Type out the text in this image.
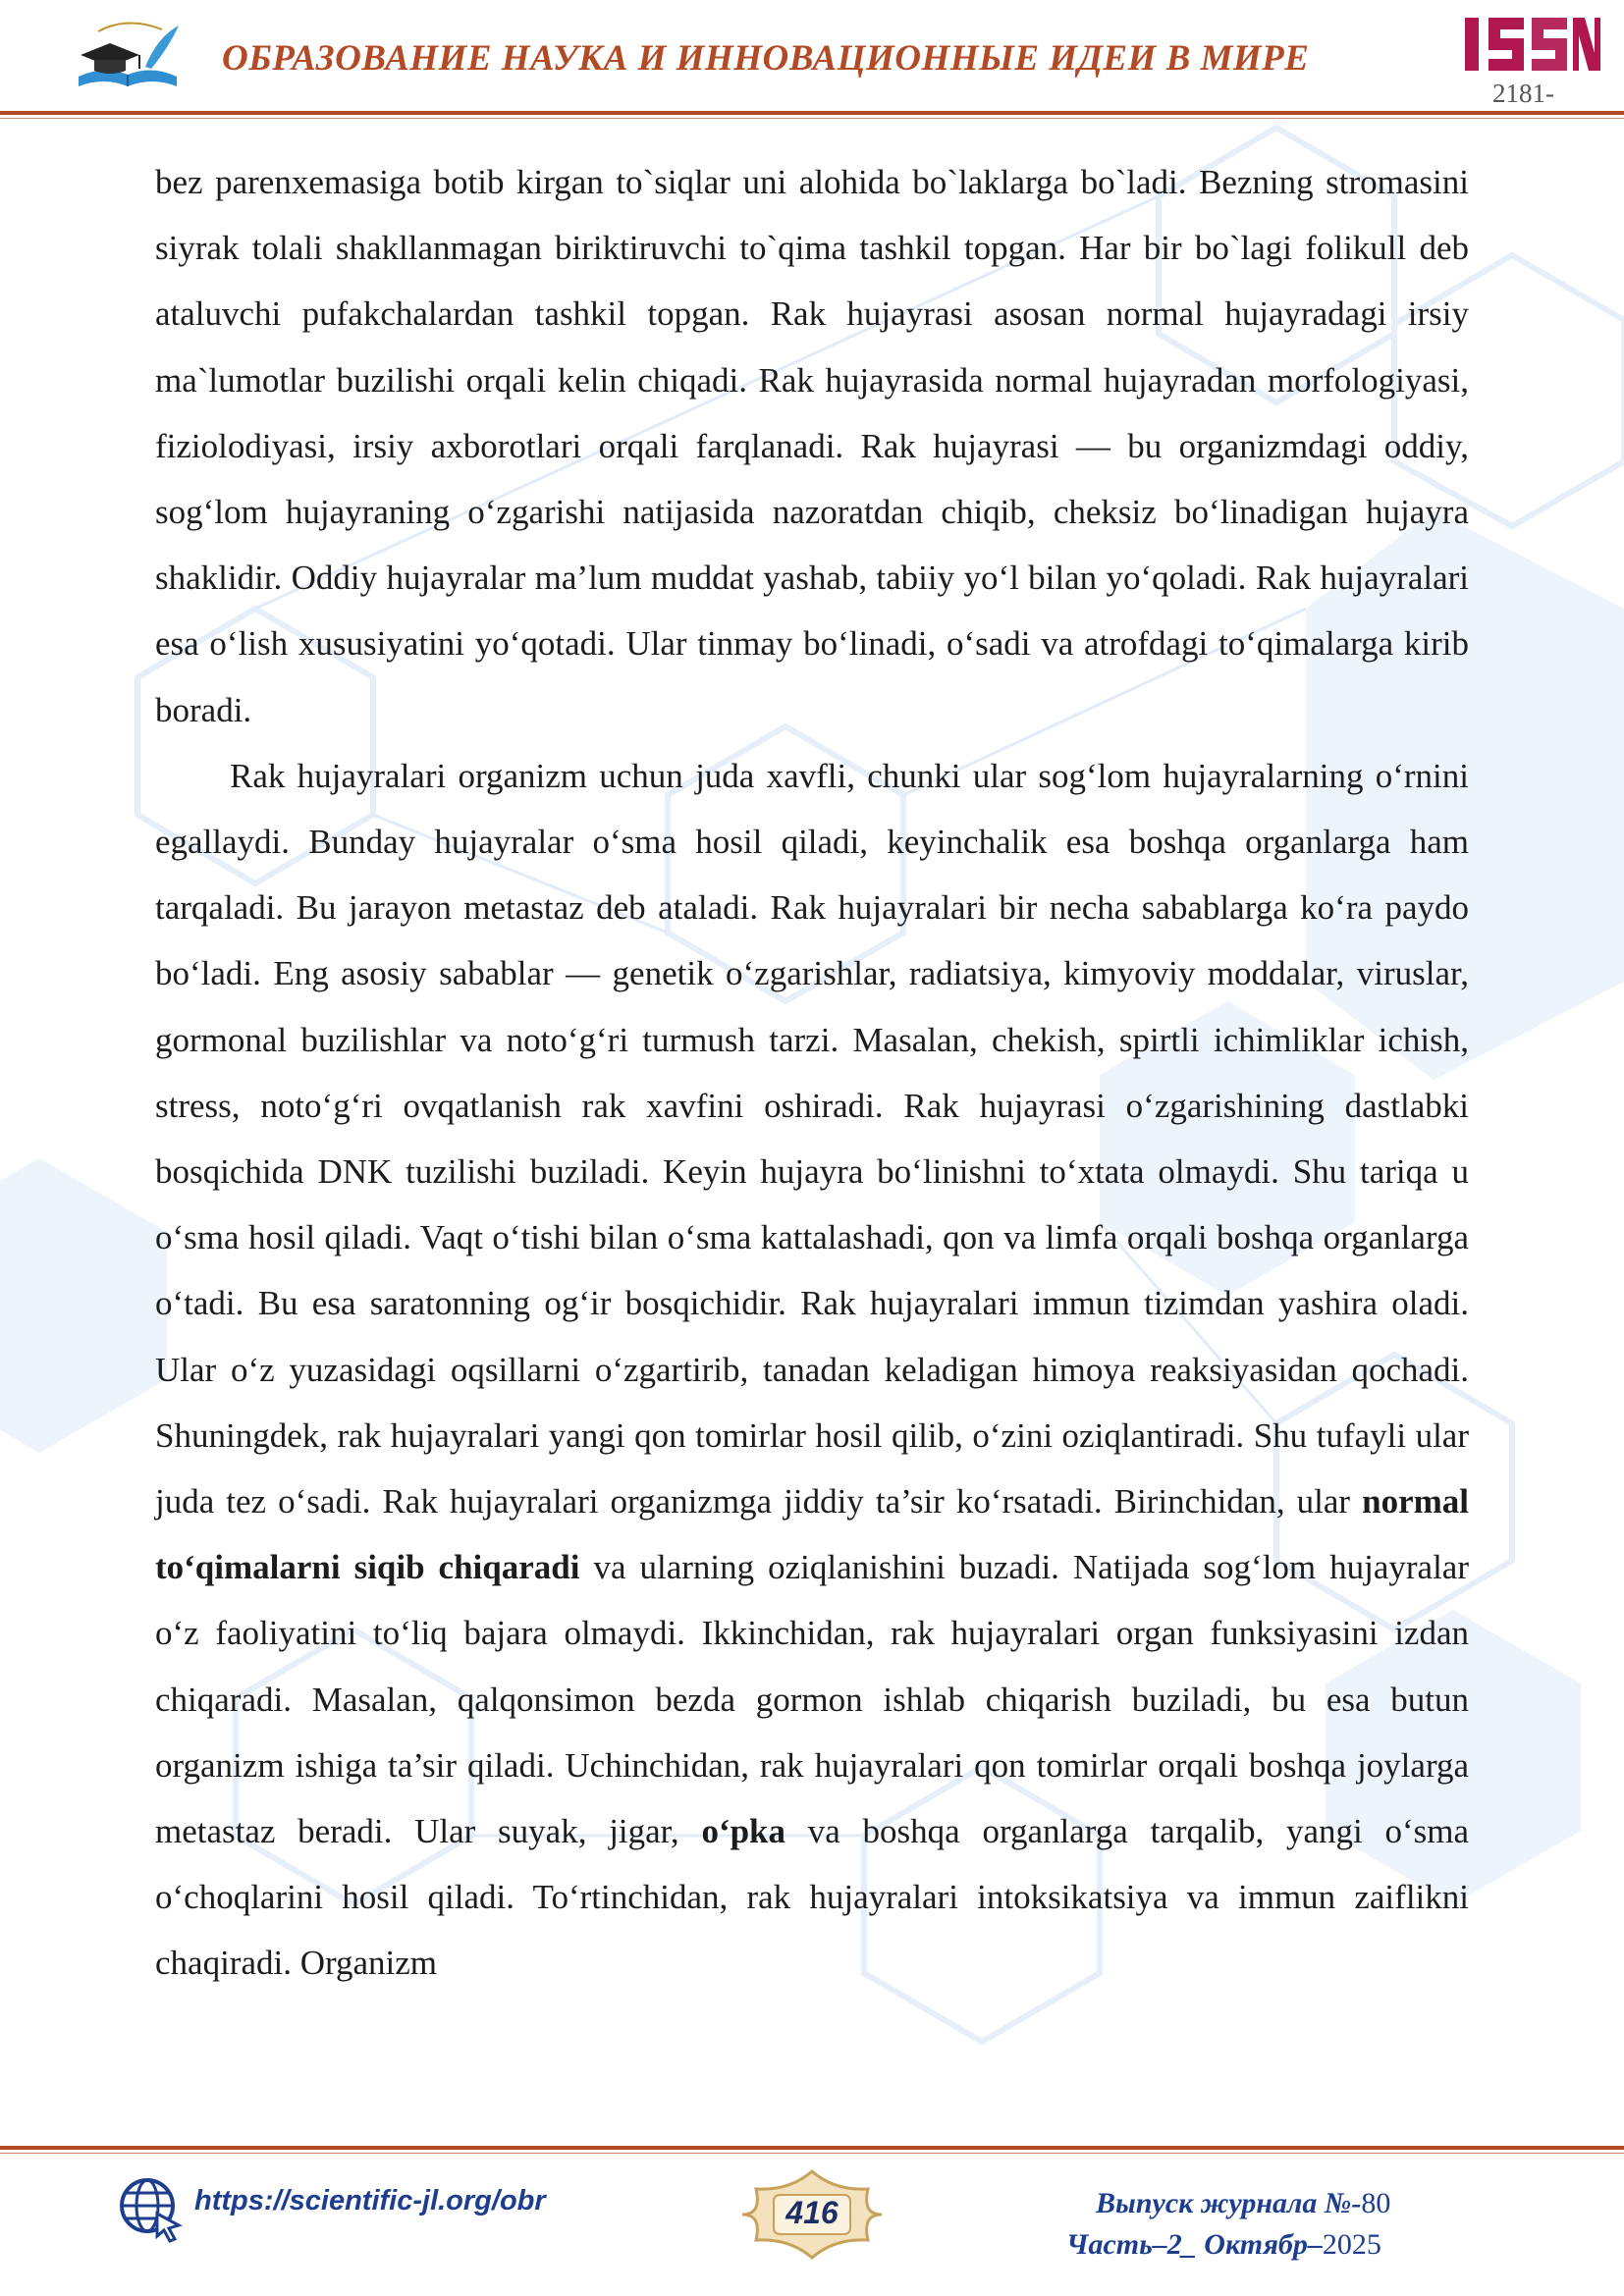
ОБРАЗОВАНИЕ НАУКА И ИННОВАЦИОННЫЕ ИДЕИ В МИРЕ
2181-

bez parenxemasiga botib kirgan to`siqlar uni alohida bo`laklarga bo`ladi. Bezning stromasini siyrak tolali shakllanmagan biriktiruvchi to`qima tashkil topgan. Har bir bo`lagi folikull deb ataluvchi pufakchalardan tashkil topgan. Rak hujayrasi asosan normal hujayradagi irsiy ma`lumotlar buzilishi orqali kelin chiqadi. Rak hujayrasida normal hujayradan morfologiyasi, fiziolodiyasi, irsiy axborotlari orqali farqlanadi. Rak hujayrasi — bu organizmdagi oddiy, sog‘lom hujayraning o‘zgarishi natijasida nazoratdan chiqib, cheksiz bo‘linadigan hujayra shaklidir. Oddiy hujayralar ma’lum muddat yashab, tabiiy yo‘l bilan yo‘qoladi. Rak hujayralari esa o‘lish xususiyatini yo‘qotadi. Ular tinmay bo‘linadi, o‘sadi va atrofdagi to‘qimalarga kirib boradi.

Rak hujayralari organizm uchun juda xavfli, chunki ular sog‘lom hujayralarning o‘rnini egallaydi. Bunday hujayralar o‘sma hosil qiladi, keyinchalik esa boshqa organlarga ham tarqaladi. Bu jarayon metastaz deb ataladi. Rak hujayralari bir necha sabablarga ko‘ra paydo bo‘ladi. Eng asosiy sabablar — genetik o‘zgarishlar, radiatsiya, kimyoviy moddalar, viruslar, gormonal buzilishlar va noto‘g‘ri turmush tarzi. Masalan, chekish, spirtli ichimliklar ichish, stress, noto‘g‘ri ovqatlanish rak xavfini oshiradi. Rak hujayrasi o‘zgarishining dastlabki bosqichida DNK tuzilishi buziladi. Keyin hujayra bo‘linishni to‘xtata olmaydi. Shu tariqa u o‘sma hosil qiladi. Vaqt o‘tishi bilan o‘sma kattalashadi, qon va limfa orqali boshqa organlarga o‘tadi. Bu esa saratonning og‘ir bosqichidir. Rak hujayralari immun tizimdan yashira oladi. Ular o‘z yuzasidagi oqsillarni o‘zgartirib, tanadan keladigan himoya reaksiyasidan qochadi. Shuningdek, rak hujayralari yangi qon tomirlar hosil qilib, o‘zini oziqlantiradi. Shu tufayli ular juda tez o‘sadi. Rak hujayralari organizmga jiddiy ta’sir ko‘rsatadi. Birinchidan, ular normal to‘qimalarni siqib chiqaradi va ularning oziqlanishini buzadi. Natijada sog‘lom hujayralar o‘z faoliyatini to‘liq bajara olmaydi. Ikkinchidan, rak hujayralari organ funksiyasini izdan chiqaradi. Masalan, qalqonsimon bezda gormon ishlab chiqarish buziladi, bu esa butun organizm ishiga ta’sir qiladi. Uchinchidan, rak hujayralari qon tomirlar orqali boshqa joylarga metastaz beradi. Ular suyak, jigar, o‘pka va boshqa organlarga tarqalib, yangi o‘sma o‘choqlarini hosil qiladi. To‘rtinchidan, rak hujayralari intoksikatsiya va immun zaiflikni chaqiradi. Organizm

https://scientific-jl.org/obr	416	Выпуск журнала №-80
Часть–2_ Октябр–2025
